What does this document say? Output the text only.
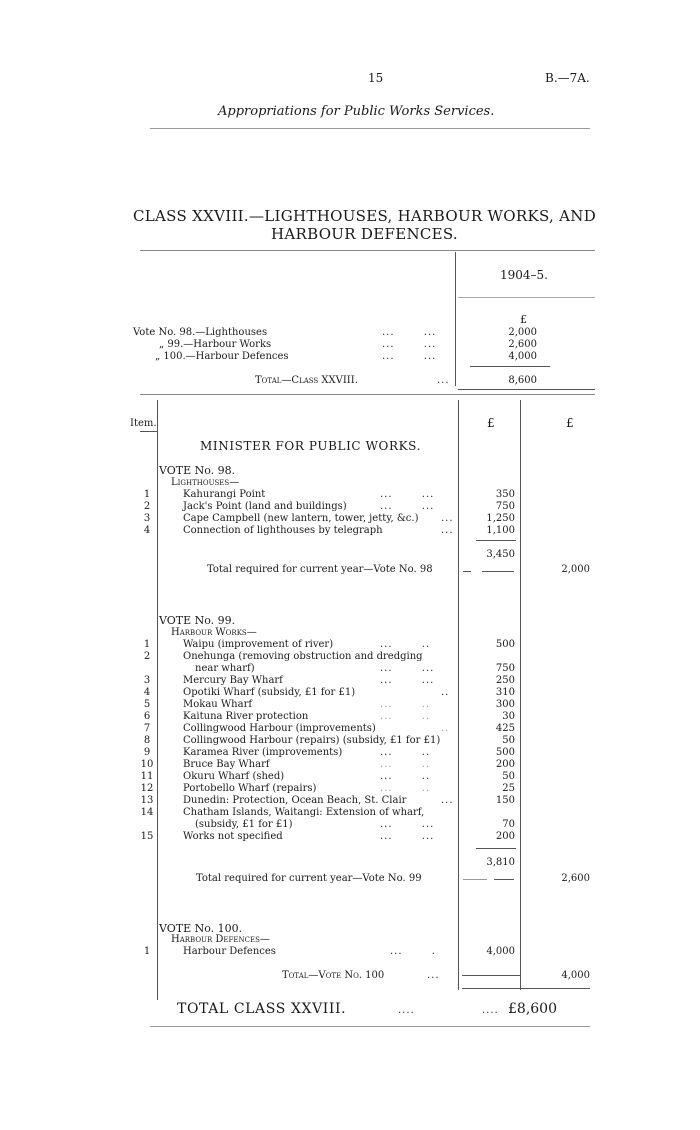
15	B.—7A.
Appropriations for Public Works Services.
CLASS XXVIII.—LIGHTHOUSES, HARBOUR WORKS, AND
HARBOUR DEFENCES.
1904–5.
£
Vote No. 98.—Lighthouses	...       ...	2,000
„ 99.—Harbour Works	...       ...	2,600
„ 100.—Harbour Defences	...       ...	4,000
Total—Class XXVIII.	...	8,600
Item.	£	£
MINISTER FOR PUBLIC WORKS.
VOTE No. 98.
Lighthouses—
1	Kahurangi Point	...       ...	350
2	Jack's Point (land and buildings)	...       ...	750
3	Cape Campbell (new lantern, tower, jetty, &c.) ...	1,250
4	Connection of lighthouses by telegraph	...	1,100
3,450
Total required for current year—Vote No. 98	2,000
VOTE No. 99.
Harbour Works—
1	Waipu (improvement of river)	...       ..	500
2	Onehunga (removing obstruction and dredging
near wharf)	...       ...	750
3	Mercury Bay Wharf	...       ...	250
4	Opotiki Wharf (subsidy, £1 for £1)	..	310
5	Mokau Wharf	...       ..	300
6	Kaituna River protection	...       ..	30
7	Collingwood Harbour (improvements)	..	425
8	Collingwood Harbour (repairs) (subsidy, £1 for £1)	50
9	Karamea River (improvements)	...       ..	500
10	Bruce Bay Wharf	...       ..	200
11	Okuru Wharf (shed)	...       ..	50
12	Portobello Wharf (repairs)	...       ..	25
13	Dunedin: Protection, Ocean Beach, St. Clair	...	150
14	Chatham Islands, Waitangi: Extension of wharf,
(subsidy, £1 for £1)	...       ...	70
15	Works not specified	...       ...	200
3,810
Total required for current year—Vote No. 99	2,600
VOTE No. 100.
Harbour Defences—
1	Harbour Defences	...       .	4,000
Total—Vote No. 100	...	4,000
TOTAL CLASS XXVIII.	....	.... £8,600
